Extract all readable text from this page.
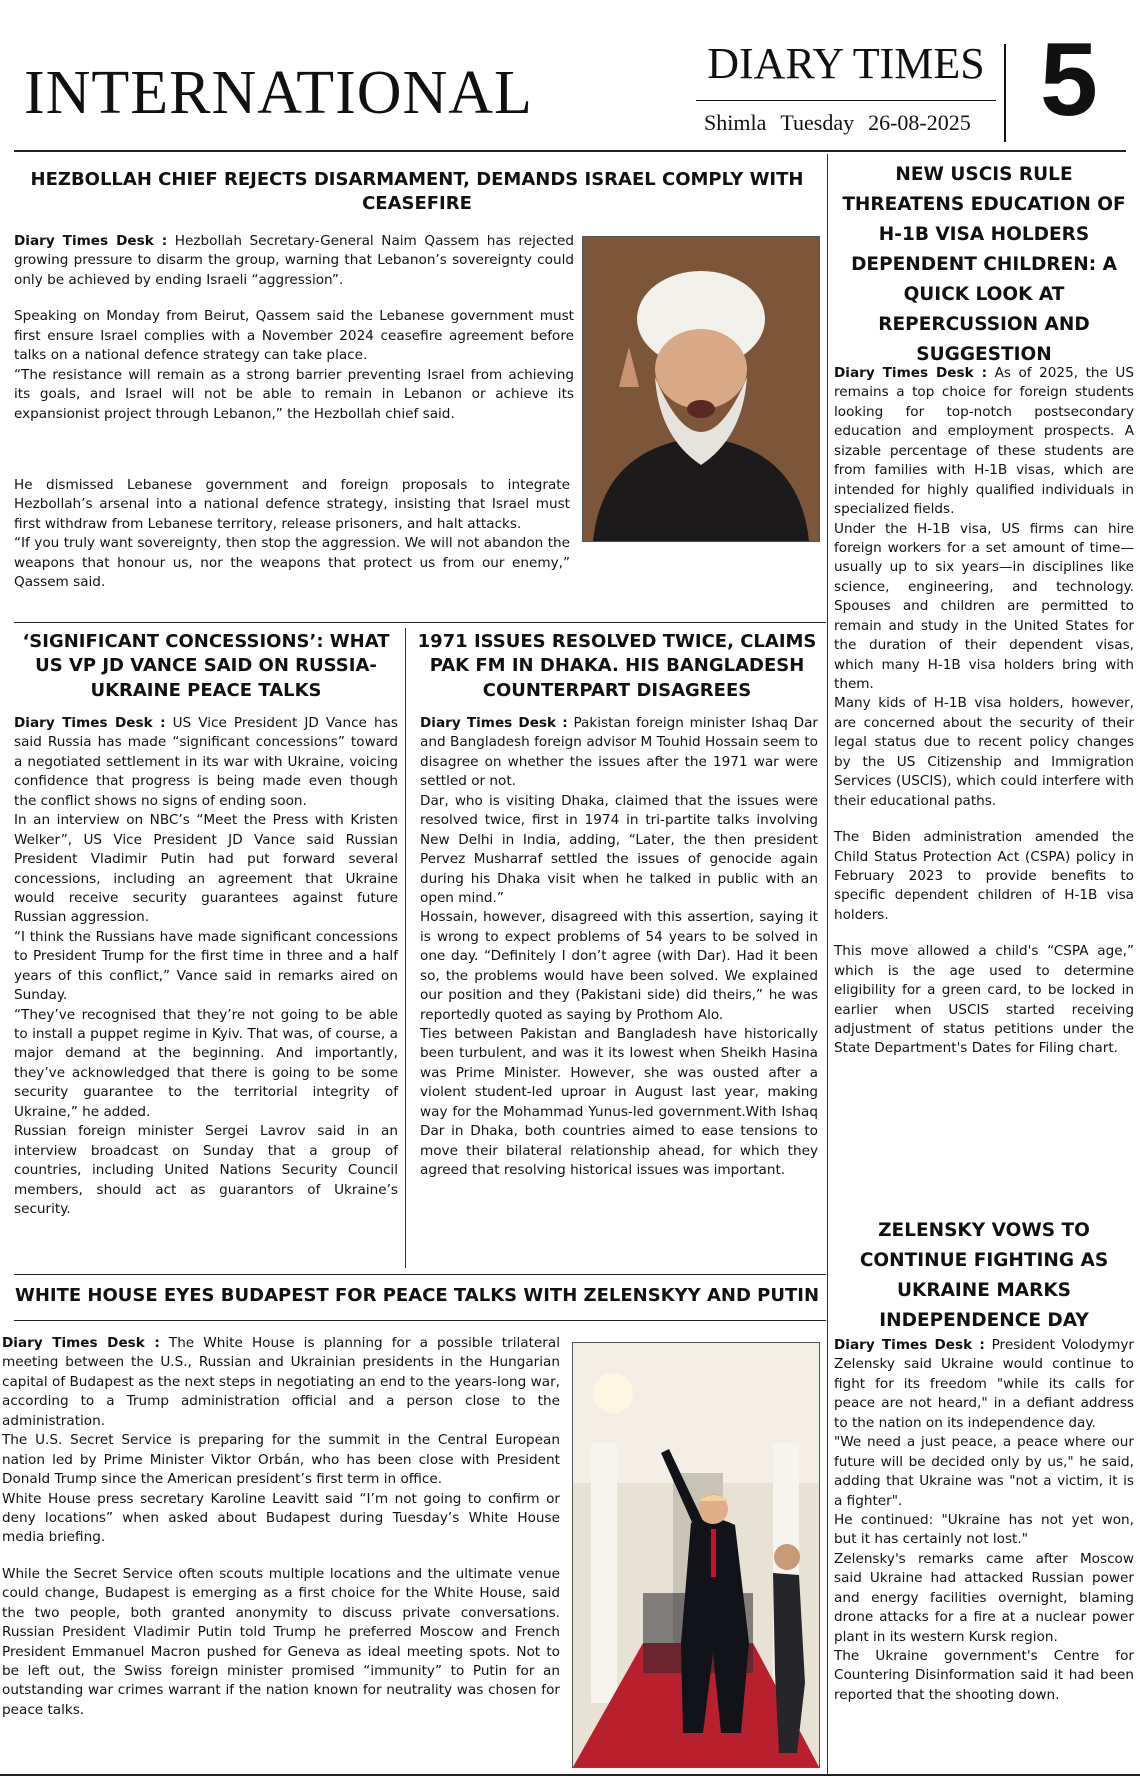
INTERNATIONAL	DIARY TIMES
Shimla Tuesday 26-08-2025 5
HEZBOLLAH CHIEF REJECTS DISARMAMENT, DEMANDS ISRAEL COMPLY WITH CEASEFIRE

Diary Times Desk : Hezbollah Secretary-General Naim Qassem has rejected growing pressure to disarm the group, warning that Lebanon’s sovereignty could only be achieved by ending Israeli “aggression”.

Speaking on Monday from Beirut, Qassem said the Lebanese government must first ensure Israel complies with a November 2024 ceasefire agreement before talks on a national defence strategy can take place.

“The resistance will remain as a strong barrier preventing Israel from achieving its goals, and Israel will not be able to remain in Lebanon or achieve its expansionist project through Lebanon,” the Hezbollah chief said.

He dismissed Lebanese government and foreign proposals to integrate Hezbollah’s arsenal into a national defence strategy, insisting that Israel must first withdraw from Lebanese territory, release prisoners, and halt attacks.

“If you truly want sovereignty, then stop the aggression. We will not abandon the weapons that honour us, nor the weapons that protect us from our enemy,” Qassem said.

‘SIGNIFICANT CONCESSIONS’: WHAT US VP JD VANCE SAID ON RUSSIA-UKRAINE PEACE TALKS

Diary Times Desk : US Vice President JD Vance has said Russia has made “significant concessions” toward a negotiated settlement in its war with Ukraine, voicing confidence that progress is being made even though the conflict shows no signs of ending soon.

In an interview on NBC’s “Meet the Press with Kristen Welker”, US Vice President JD Vance said Russian President Vladimir Putin had put forward several concessions, including an agreement that Ukraine would receive security guarantees against future Russian aggression.

“I think the Russians have made significant concessions to President Trump for the first time in three and a half years of this conflict,” Vance said in remarks aired on Sunday.

“They’ve recognised that they’re not going to be able to install a puppet regime in Kyiv. That was, of course, a major demand at the beginning. And importantly, they’ve acknowledged that there is going to be some security guarantee to the territorial integrity of Ukraine,” he added.

Russian foreign minister Sergei Lavrov said in an interview broadcast on Sunday that a group of countries, including United Nations Security Council members, should act as guarantors of Ukraine’s security.

1971 ISSUES RESOLVED TWICE, CLAIMS PAK FM IN DHAKA. HIS BANGLADESH COUNTERPART DISAGREES

Diary Times Desk : Pakistan foreign minister Ishaq Dar and Bangladesh foreign advisor M Touhid Hossain seem to disagree on whether the issues after the 1971 war were settled or not.

Dar, who is visiting Dhaka, claimed that the issues were resolved twice, first in 1974 in tri-partite talks involving New Delhi in India, adding, “Later, the then president Pervez Musharraf settled the issues of genocide again during his Dhaka visit when he talked in public with an open mind.”

Hossain, however, disagreed with this assertion, saying it is wrong to expect problems of 54 years to be solved in one day. “Definitely I don’t agree (with Dar). Had it been so, the problems would have been solved. We explained our position and they (Pakistani side) did theirs,” he was reportedly quoted as saying by Prothom Alo.

Ties between Pakistan and Bangladesh have historically been turbulent, and was it its lowest when Sheikh Hasina was Prime Minister. However, she was ousted after a violent student-led uproar in August last year, making way for the Mohammad Yunus-led government.With Ishaq Dar in Dhaka, both countries aimed to ease tensions to move their bilateral relationship ahead, for which they agreed that resolving historical issues was important.

WHITE HOUSE EYES BUDAPEST FOR PEACE TALKS WITH ZELENSKYY AND PUTIN

Diary Times Desk : The White House is planning for a possible trilateral meeting between the U.S., Russian and Ukrainian presidents in the Hungarian capital of Budapest as the next steps in negotiating an end to the years-long war, according to a Trump administration official and a person close to the administration.

The U.S. Secret Service is preparing for the summit in the Central European nation led by Prime Minister Viktor Orbán, who has been close with President Donald Trump since the American president’s first term in office.

White House press secretary Karoline Leavitt said “I’m not going to confirm or deny locations” when asked about Budapest during Tuesday’s White House media briefing.

While the Secret Service often scouts multiple locations and the ultimate venue could change, Budapest is emerging as a first choice for the White House, said the two people, both granted anonymity to discuss private conversations. Russian President Vladimir Putin told Trump he preferred Moscow and French President Emmanuel Macron pushed for Geneva as ideal meeting spots. Not to be left out, the Swiss foreign minister promised “immunity” to Putin for an outstanding war crimes warrant if the nation known for neutrality was chosen for peace talks.

NEW USCIS RULE THREATENS EDUCATION OF H-1B VISA HOLDERS DEPENDENT CHILDREN: A QUICK LOOK AT REPERCUSSION AND SUGGESTION

Diary Times Desk : As of 2025, the US remains a top choice for foreign students looking for top-notch postsecondary education and employment prospects. A sizable percentage of these students are from families with H-1B visas, which are intended for highly qualified individuals in specialized fields.

Under the H-1B visa, US firms can hire foreign workers for a set amount of time—usually up to six years—in disciplines like science, engineering, and technology. Spouses and children are permitted to remain and study in the United States for the duration of their dependent visas, which many H-1B visa holders bring with them.

Many kids of H-1B visa holders, however, are concerned about the security of their legal status due to recent policy changes by the US Citizenship and Immigration Services (USCIS), which could interfere with their educational paths.

The Biden administration amended the Child Status Protection Act (CSPA) policy in February 2023 to provide benefits to specific dependent children of H-1B visa holders.

This move allowed a child's “CSPA age,” which is the age used to determine eligibility for a green card, to be locked in earlier when USCIS started receiving adjustment of status petitions under the State Department's Dates for Filing chart.

ZELENSKY VOWS TO CONTINUE FIGHTING AS UKRAINE MARKS INDEPENDENCE DAY

Diary Times Desk : President Volodymyr Zelensky said Ukraine would continue to fight for its freedom "while its calls for peace are not heard," in a defiant address to the nation on its independence day.

"We need a just peace, a peace where our future will be decided only by us," he said, adding that Ukraine was "not a victim, it is a fighter".

He continued: "Ukraine has not yet won, but it has certainly not lost."

Zelensky's remarks came after Moscow said Ukraine had attacked Russian power and energy facilities overnight, blaming drone attacks for a fire at a nuclear power plant in its western Kursk region.

The Ukraine government's Centre for Countering Disinformation said it had been reported that the shooting down.
